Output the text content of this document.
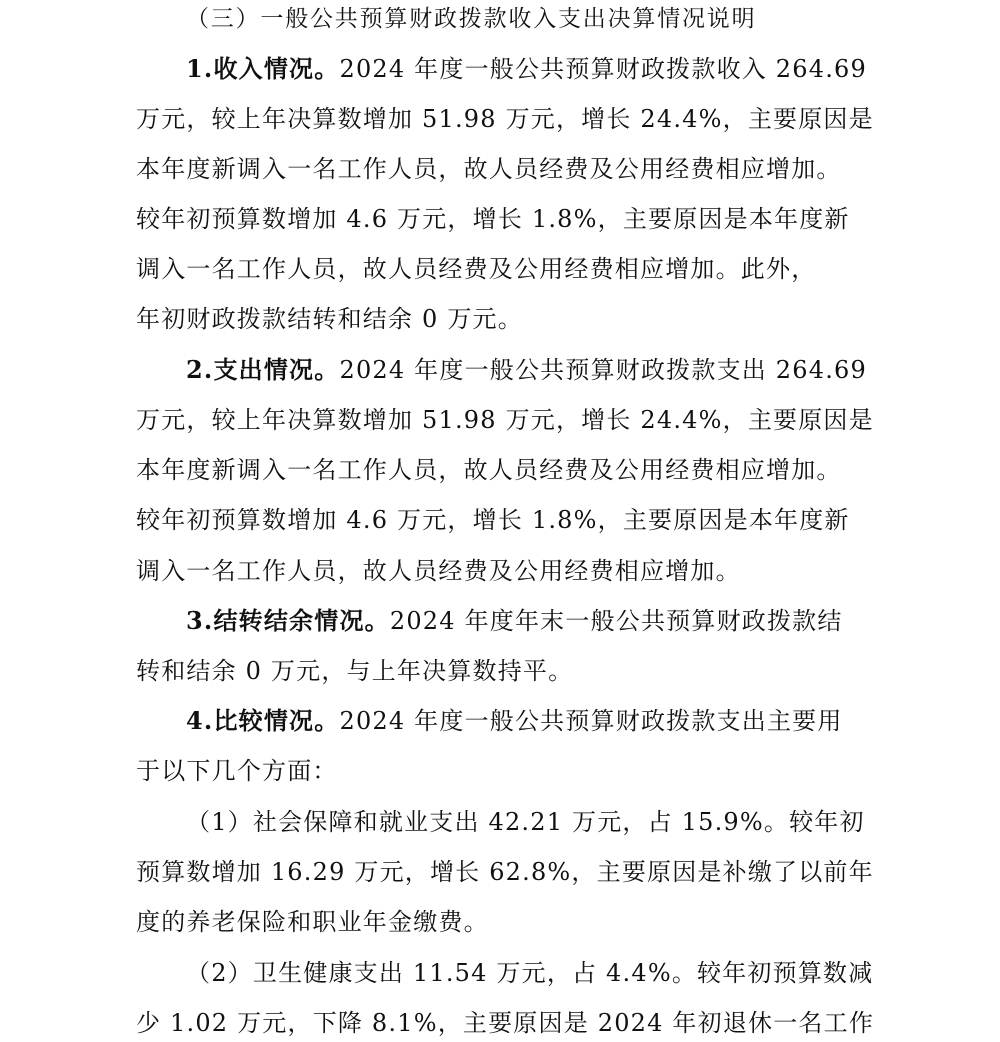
（三）一般公共预算财政拨款收入支出决算情况说明
1.收入情况。2024 年度一般公共预算财政拨款收入 264.69
万元，较上年决算数增加 51.98 万元，增长 24.4%，主要原因是
本年度新调入一名工作人员，故人员经费及公用经费相应增加。
较年初预算数增加 4.6 万元，增长 1.8%，主要原因是本年度新
调入一名工作人员，故人员经费及公用经费相应增加。此外，
年初财政拨款结转和结余 0 万元。
2.支出情况。2024 年度一般公共预算财政拨款支出 264.69
万元，较上年决算数增加 51.98 万元，增长 24.4%，主要原因是
本年度新调入一名工作人员，故人员经费及公用经费相应增加。
较年初预算数增加 4.6 万元，增长 1.8%，主要原因是本年度新
调入一名工作人员，故人员经费及公用经费相应增加。
3.结转结余情况。2024 年度年末一般公共预算财政拨款结
转和结余 0 万元，与上年决算数持平。
4.比较情况。2024 年度一般公共预算财政拨款支出主要用
于以下几个方面：
（1）社会保障和就业支出 42.21 万元，占 15.9%。较年初
预算数增加 16.29 万元，增长 62.8%，主要原因是补缴了以前年
度的养老保险和职业年金缴费。
（2）卫生健康支出 11.54 万元，占 4.4%。较年初预算数减
少 1.02 万元，下降 8.1%，主要原因是 2024 年初退休一名工作
